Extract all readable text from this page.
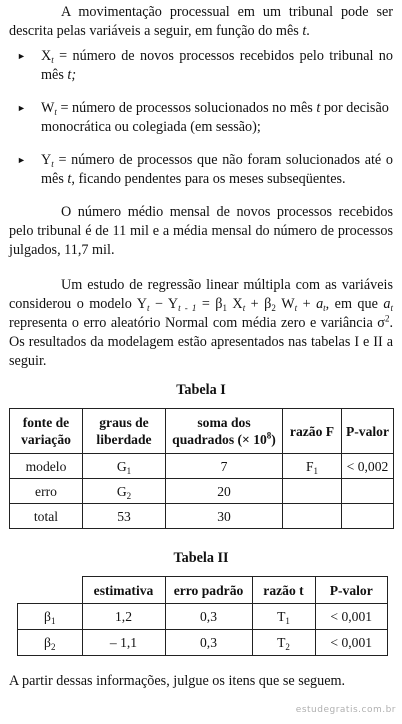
A movimentação processual em um tribunal pode ser descrita pelas variáveis a seguir, em função do mês t.

►	$X_t$ = número de novos processos recebidos pelo tribunal no mês t;
►	$W_t$ = número de processos solucionados no mês t por decisão monocrática ou colegiada (em sessão);
►	$Y_t$ = número de processos que não foram solucionados até o mês t, ficando pendentes para os meses subseqüentes.

O número médio mensal de novos processos recebidos pelo tribunal é de 11 mil e a média mensal do número de processos julgados, 11,7 mil.

Um estudo de regressão linear múltipla com as variáveis considerou o modelo $Y_t - Y_{t - 1} = \beta_1$ $X_t + \beta_2$ $W_t + a_t$, em que $a_t$ representa o erro aleatório Normal com média zero e variância $\sigma^2$. Os resultados da modelagem estão apresentados nas tabelas I e II a seguir.

Tabela I
fonte de variação	graus de liberdade	soma dos quadrados (× $10^8$)	razão F	P-valor
modelo	$G_1$	7	$F_1$	< 0,002
erro	$G_2$	20		
total	53	30		
Tabela II
	estimativa	erro padrão	razão t	P-valor
$\beta_1$	1,2	0,3	$T_1$	< 0,001
$\beta_2$	– 1,1	0,3	$T_2$	< 0,001

A partir dessas informações, julgue os itens que se seguem.

estudegratis.com.br
